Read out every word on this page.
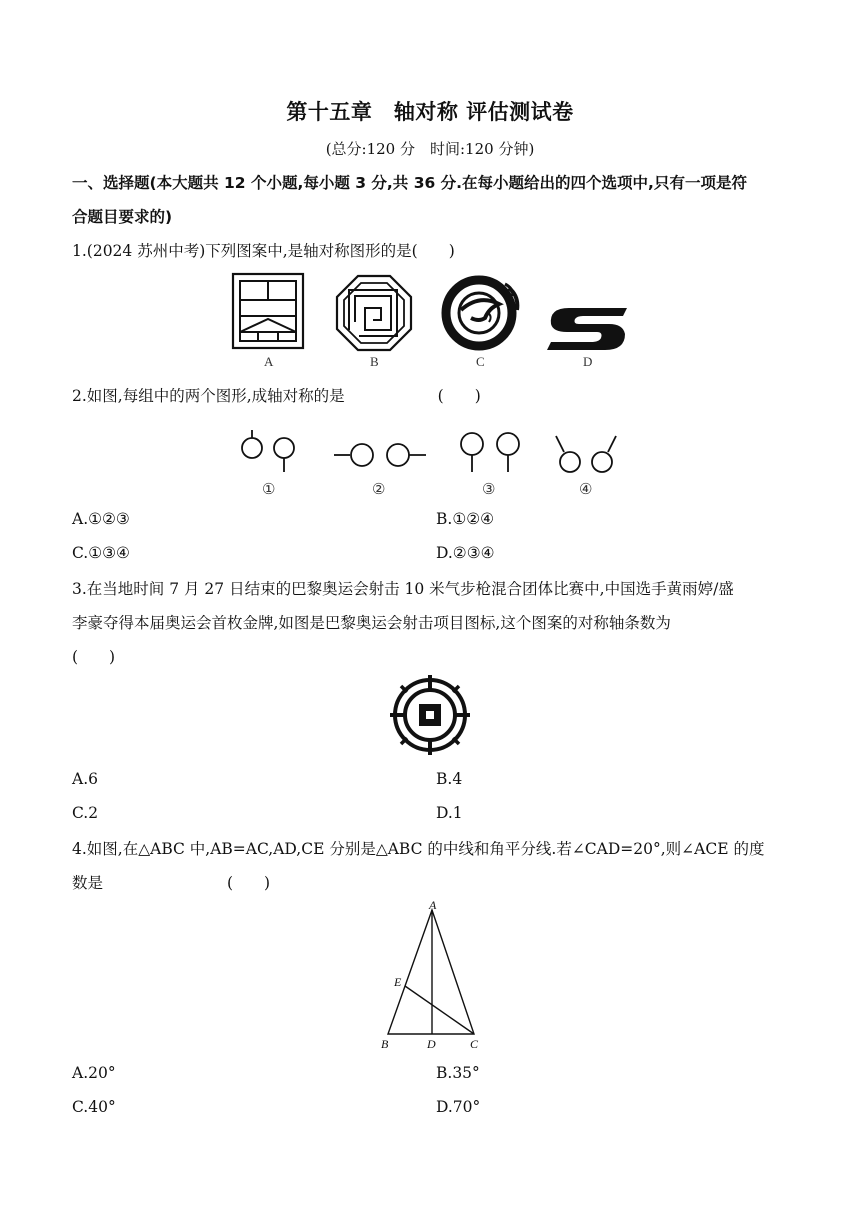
第十五章　轴对称 评估测试卷
(总分:120 分　时间:120 分钟)
一、选择题(本大题共 12 个小题,每小题 3 分,共 36 分.在每小题给出的四个选项中,只有一项是符
合题目要求的)
1.(2024 苏州中考)下列图案中,是轴对称图形的是(　　)
A	B	C	D
2.如图,每组中的两个图形,成轴对称的是　　　　　　(　　)
①	②	③	④
A.①②③	B.①②④
C.①③④	D.②③④
3.在当地时间 7 月 27 日结束的巴黎奥运会射击 10 米气步枪混合团体比赛中,中国选手黄雨婷/盛
李豪夺得本届奥运会首枚金牌,如图是巴黎奥运会射击项目图标,这个图案的对称轴条数为
(　　)
A.6	B.4
C.2	D.1
4.如图,在△ABC 中,AB=AC,AD,CE 分别是△ABC 的中线和角平分线.若∠CAD=20°,则∠ACE 的度
数是　　　　　　　　(　　)
A
B	D	C
E
A.20°	B.35°
C.40°	D.70°
